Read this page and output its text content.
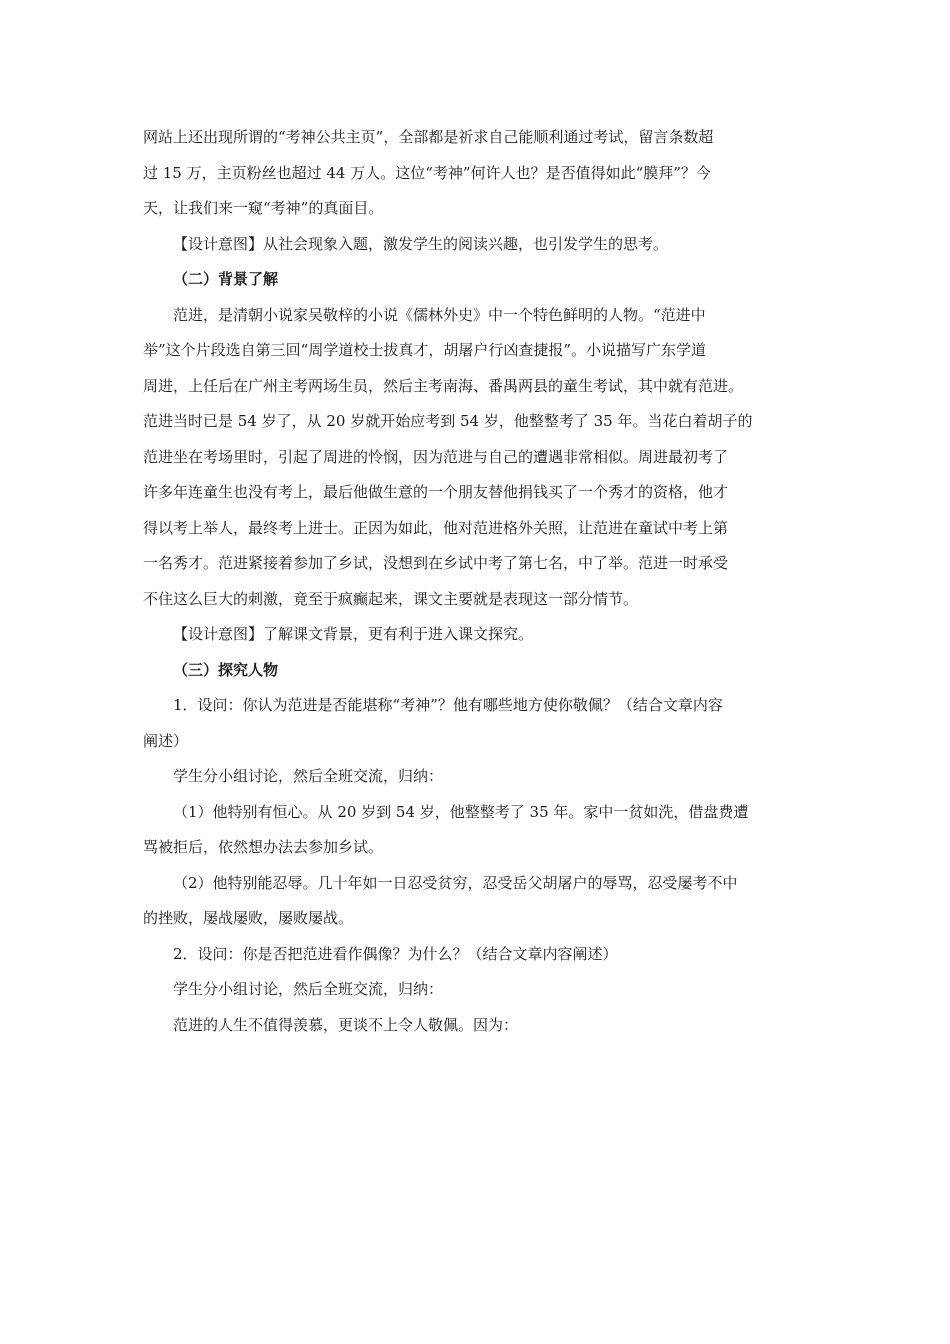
网站上还出现所谓的“考神公共主页”，全部都是祈求自己能顺利通过考试，留言条数超
过 15 万，主页粉丝也超过 44 万人。这位“考神”何许人也？是否值得如此“膜拜”？今
天，让我们来一窥“考神”的真面目。
【设计意图】从社会现象入题，激发学生的阅读兴趣，也引发学生的思考。
（二）背景了解
范进，是清朝小说家吴敬梓的小说《儒林外史》中一个特色鲜明的人物。“范进中
举”这个片段选自第三回“周学道校士拔真才，胡屠户行凶查捷报”。小说描写广东学道
周进，上任后在广州主考两场生员，然后主考南海、番禺两县的童生考试，其中就有范进。
范进当时已是 54 岁了，从 20 岁就开始应考到 54 岁，他整整考了 35 年。当花白着胡子的
范进坐在考场里时，引起了周进的怜悯，因为范进与自己的遭遇非常相似。周进最初考了
许多年连童生也没有考上，最后他做生意的一个朋友替他捐钱买了一个秀才的资格，他才
得以考上举人，最终考上进士。正因为如此，他对范进格外关照，让范进在童试中考上第
一名秀才。范进紧接着参加了乡试，没想到在乡试中考了第七名，中了举。范进一时承受
不住这么巨大的刺激，竟至于疯癫起来，课文主要就是表现这一部分情节。
【设计意图】了解课文背景，更有利于进入课文探究。
（三）探究人物
1．设问：你认为范进是否能堪称“考神”？他有哪些地方使你敬佩？（结合文章内容
阐述）
学生分小组讨论，然后全班交流，归纳：
（1）他特别有恒心。从 20 岁到 54 岁，他整整考了 35 年。家中一贫如洗，借盘费遭
骂被拒后，依然想办法去参加乡试。
（2）他特别能忍辱。几十年如一日忍受贫穷，忍受岳父胡屠户的辱骂，忍受屡考不中
的挫败，屡战屡败，屡败屡战。
2．设问：你是否把范进看作偶像？为什么？（结合文章内容阐述）
学生分小组讨论，然后全班交流，归纳：
范进的人生不值得羡慕，更谈不上令人敬佩。因为：
